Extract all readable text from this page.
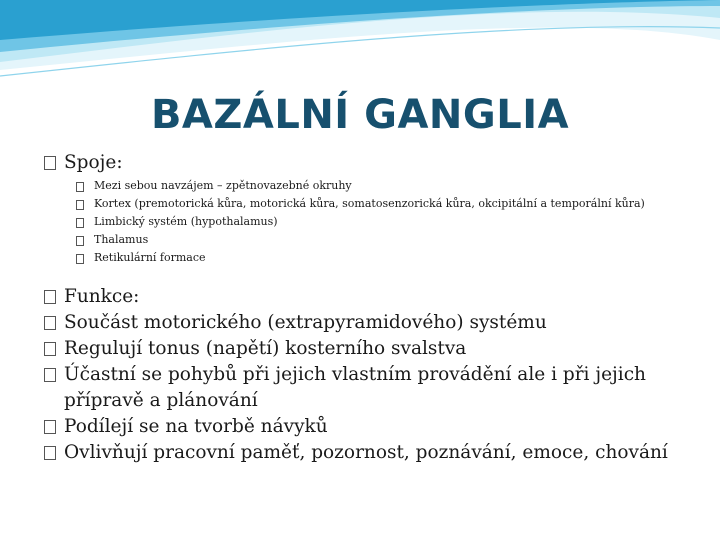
BAZÁLNÍ GANGLIA
Spoje:
Mezi sebou navzájem – zpětnovazebné okruhy
Kortex (premotorická kůra, motorická kůra, somatosenzorická kůra, okcipitální a temporální kůra)
Limbický systém (hypothalamus)
Thalamus
Retikulární formace
Funkce:
Součást motorického (extrapyramidového) systému
Regulují tonus (napětí) kosterního svalstva
Účastní se pohybů při jejich vlastním provádění ale i při jejich přípravě a plánování
Podílejí se na tvorbě návyků
Ovlivňují pracovní paměť, pozornost, poznávání, emoce, chování
